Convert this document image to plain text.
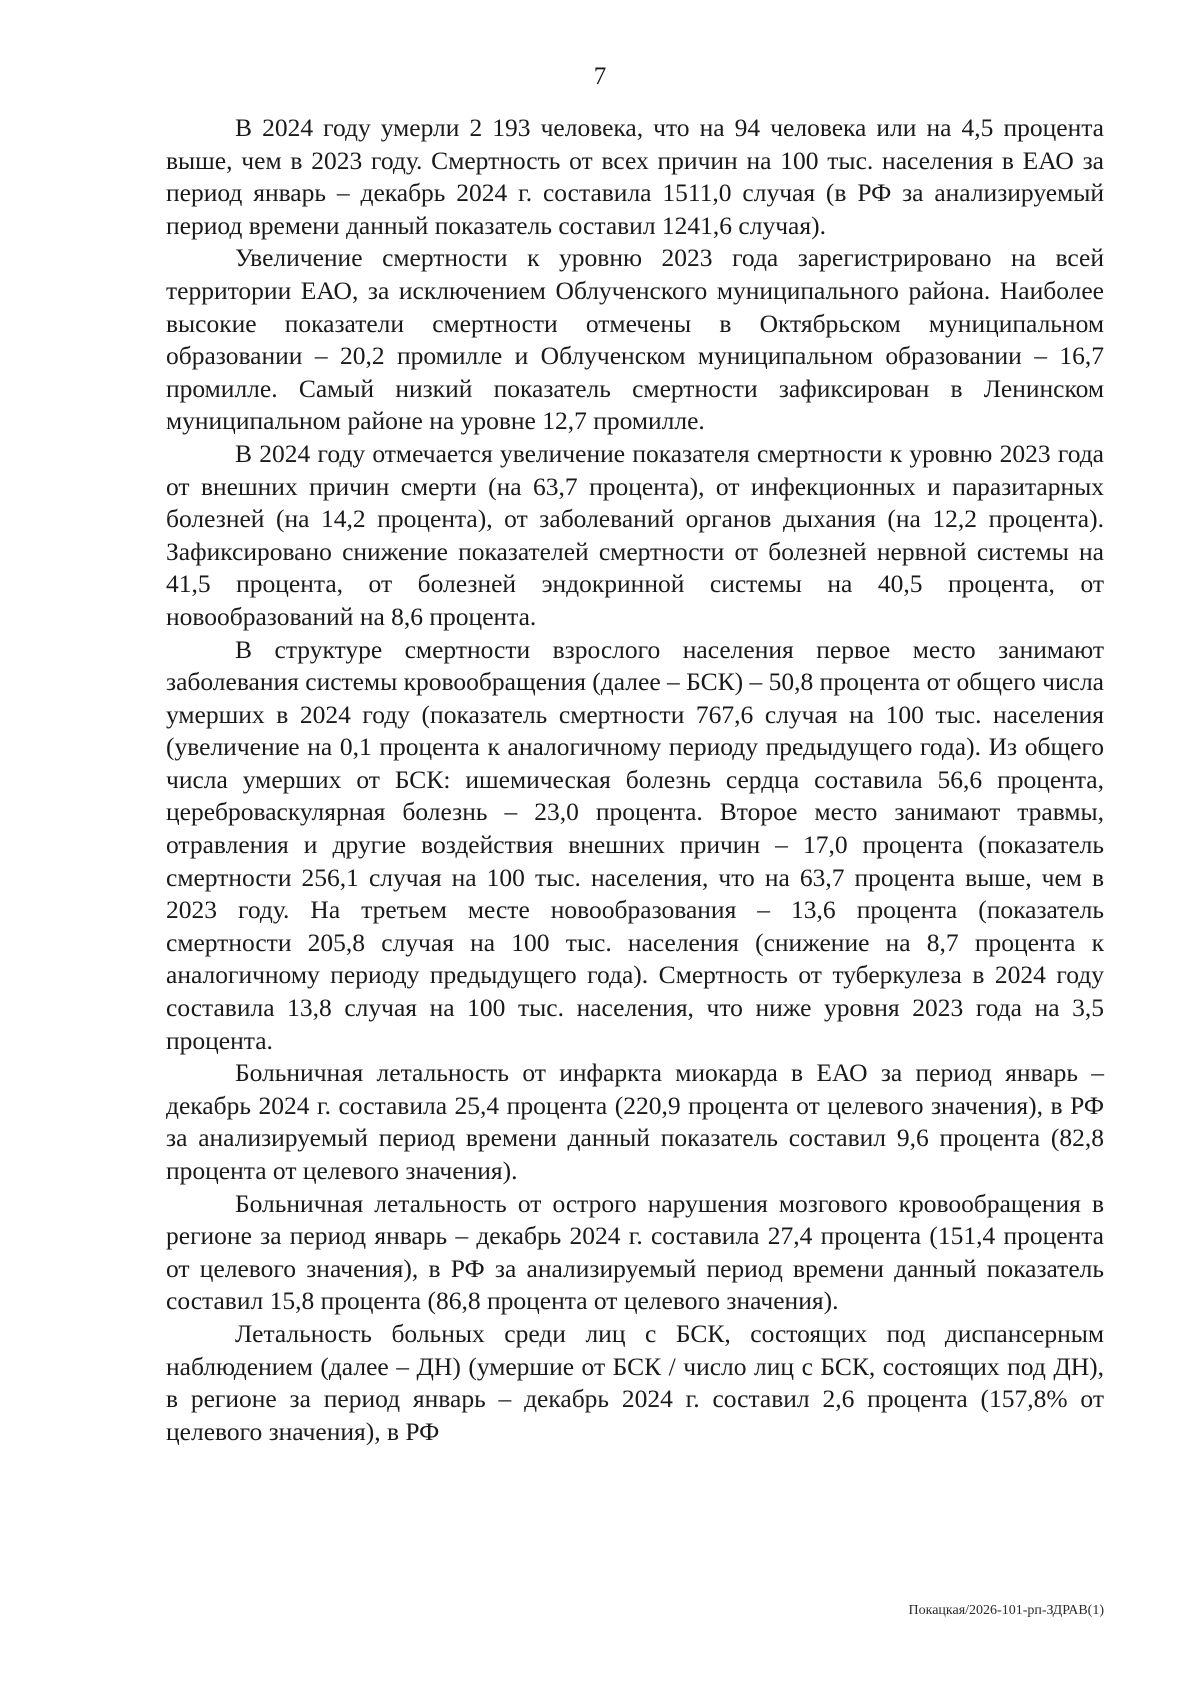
7

В 2024 году умерли 2 193 человека, что на 94 человека или на 4,5 процента выше, чем в 2023 году. Смертность от всех причин на 100 тыс. населения в ЕАО за период январь – декабрь 2024 г. составила 1511,0 случая (в РФ за анализируемый период времени данный показатель составил 1241,6 случая).

Увеличение смертности к уровню 2023 года зарегистрировано на всей территории ЕАО, за исключением Облученского муниципального района. Наиболее высокие показатели смертности отмечены в Октябрьском муниципальном образовании – 20,2 промилле и Облученском муниципальном образовании – 16,7 промилле. Самый низкий показатель смертности зафиксирован в Ленинском муниципальном районе на уровне 12,7 промилле.

В 2024 году отмечается увеличение показателя смертности к уровню 2023 года от внешних причин смерти (на 63,7 процента), от инфекционных и паразитарных болезней (на 14,2 процента), от заболеваний органов дыхания (на 12,2 процента). Зафиксировано снижение показателей смертности от болезней нервной системы на 41,5 процента, от болезней эндокринной системы на 40,5 процента, от новообразований на 8,6 процента.

В структуре смертности взрослого населения первое место занимают заболевания системы кровообращения (далее – БСК) – 50,8 процента от общего числа умерших в 2024 году (показатель смертности 767,6 случая на 100 тыс. населения (увеличение на 0,1 процента к аналогичному периоду предыдущего года). Из общего числа умерших от БСК: ишемическая болезнь сердца составила 56,6 процента, цереброваскулярная болезнь – 23,0 процента. Второе место занимают травмы, отравления и другие воздействия внешних причин – 17,0 процента (показатель смертности 256,1 случая на 100 тыс. населения, что на 63,7 процента выше, чем в 2023 году. На третьем месте новообразования – 13,6 процента (показатель смертности 205,8 случая на 100 тыс. населения (снижение на 8,7 процента к аналогичному периоду предыдущего года). Смертность от туберкулеза в 2024 году составила 13,8 случая на 100 тыс. населения, что ниже уровня 2023 года на 3,5 процента.

Больничная летальность от инфаркта миокарда в ЕАО за период январь – декабрь 2024 г. составила 25,4 процента (220,9 процента от целевого значения), в РФ за анализируемый период времени данный показатель составил 9,6 процента (82,8 процента от целевого значения).

Больничная летальность от острого нарушения мозгового кровообращения в регионе за период январь – декабрь 2024 г. составила 27,4 процента (151,4 процента от целевого значения), в РФ за анализируемый период времени данный показатель составил 15,8 процента (86,8 процента от целевого значения).

Летальность больных среди лиц с БСК, состоящих под диспансерным наблюдением (далее – ДН) (умершие от БСК / число лиц с БСК, состоящих под ДН), в регионе за период январь – декабрь 2024 г. составил 2,6 процента (157,8% от целевого значения), в РФ

Покацкая/2026-101-рп-ЗДРАВ(1)
